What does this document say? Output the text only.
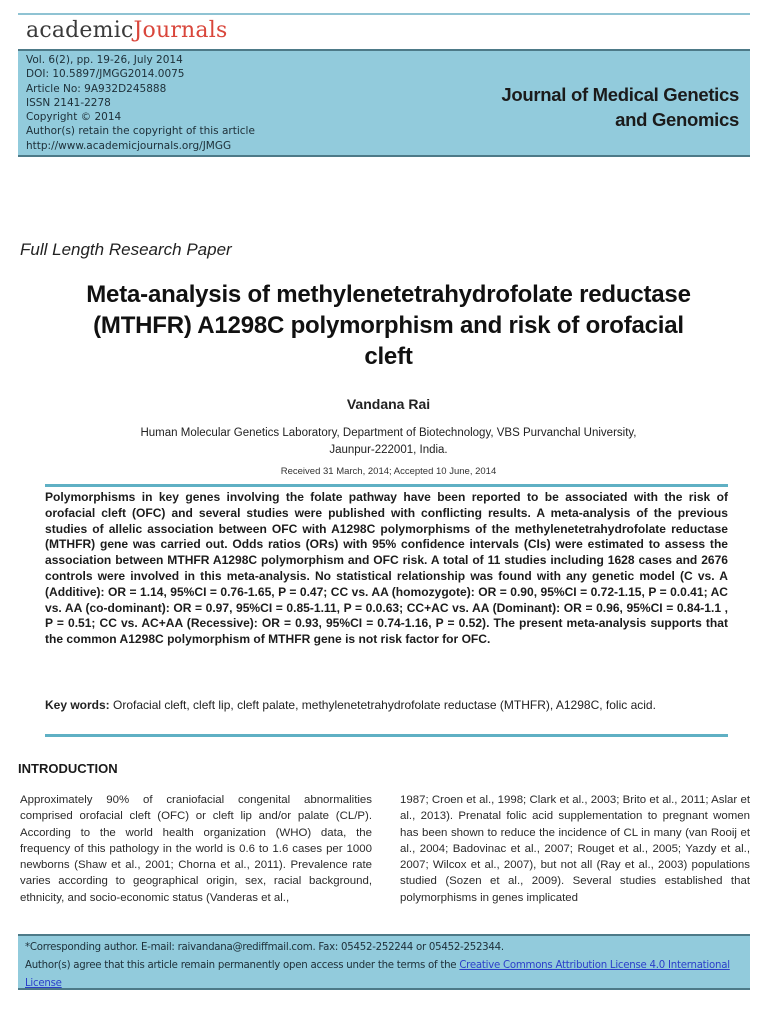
academicJournals
Vol. 6(2), pp. 19-26, July 2014
DOI: 10.5897/JMGG2014.0075
Article No: 9A932D245888
ISSN 2141-2278
Copyright © 2014
Author(s) retain the copyright of this article
http://www.academicjournals.org/JMGG
Journal of Medical Genetics
and Genomics
Full Length Research Paper
Meta-analysis of methylenetetrahydrofolate reductase
(MTHFR) A1298C polymorphism and risk of orofacial
cleft
Vandana Rai
Human Molecular Genetics Laboratory, Department of Biotechnology, VBS Purvanchal University,
Jaunpur-222001, India.
Received 31 March, 2014; Accepted 10 June, 2014
Polymorphisms in key genes involving the folate pathway have been reported to be associated with the risk of orofacial cleft (OFC) and several studies were published with conflicting results. A meta-analysis of the previous studies of allelic association between OFC with A1298C polymorphisms of the methylenetetrahydrofolate reductase (MTHFR) gene was carried out. Odds ratios (ORs) with 95% confidence intervals (CIs) were estimated to assess the association between MTHFR A1298C polymorphism and OFC risk. A total of 11 studies including 1628 cases and 2676 controls were involved in this meta-analysis. No statistical relationship was found with any genetic model (C vs. A (Additive): OR = 1.14, 95%CI = 0.76-1.65, P = 0.47; CC vs. AA (homozygote): OR = 0.90, 95%CI = 0.72-1.15, P = 0.0.41; AC vs. AA (co-dominant): OR = 0.97, 95%CI = 0.85-1.11, P = 0.0.63; CC+AC vs. AA (Dominant): OR = 0.96, 95%CI = 0.84-1.1 , P = 0.51; CC vs. AC+AA (Recessive): OR = 0.93, 95%CI = 0.74-1.16, P = 0.52). The present meta-analysis supports that the common A1298C polymorphism of MTHFR gene is not risk factor for OFC.
Key words: Orofacial cleft, cleft lip, cleft palate, methylenetetrahydrofolate reductase (MTHFR), A1298C, folic acid.
INTRODUCTION
Approximately 90% of craniofacial congenital abnormalities comprised orofacial cleft (OFC) or cleft lip and/or palate (CL/P). According to the world health organization (WHO) data, the frequency of this pathology in the world is 0.6 to 1.6 cases per 1000 newborns (Shaw et al., 2001; Chorna et al., 2011). Prevalence rate varies according to geographical origin, sex, racial background, ethnicity, and socio-economic status (Vanderas et al.,
1987; Croen et al., 1998; Clark et al., 2003; Brito et al., 2011; Aslar et al., 2013). Prenatal folic acid supplementation to pregnant women has been shown to reduce the incidence of CL in many (van Rooij et al., 2004; Badovinac et al., 2007; Rouget et al., 2005; Yazdy et al., 2007; Wilcox et al., 2007), but not all (Ray et al., 2003) populations studied (Sozen et al., 2009). Several studies established that polymorphisms in genes implicated
*Corresponding author. E-mail: raivandana@rediffmail.com. Fax: 05452-252244 or 05452-252344.
Author(s) agree that this article remain permanently open access under the terms of the Creative Commons Attribution License 4.0 International License
